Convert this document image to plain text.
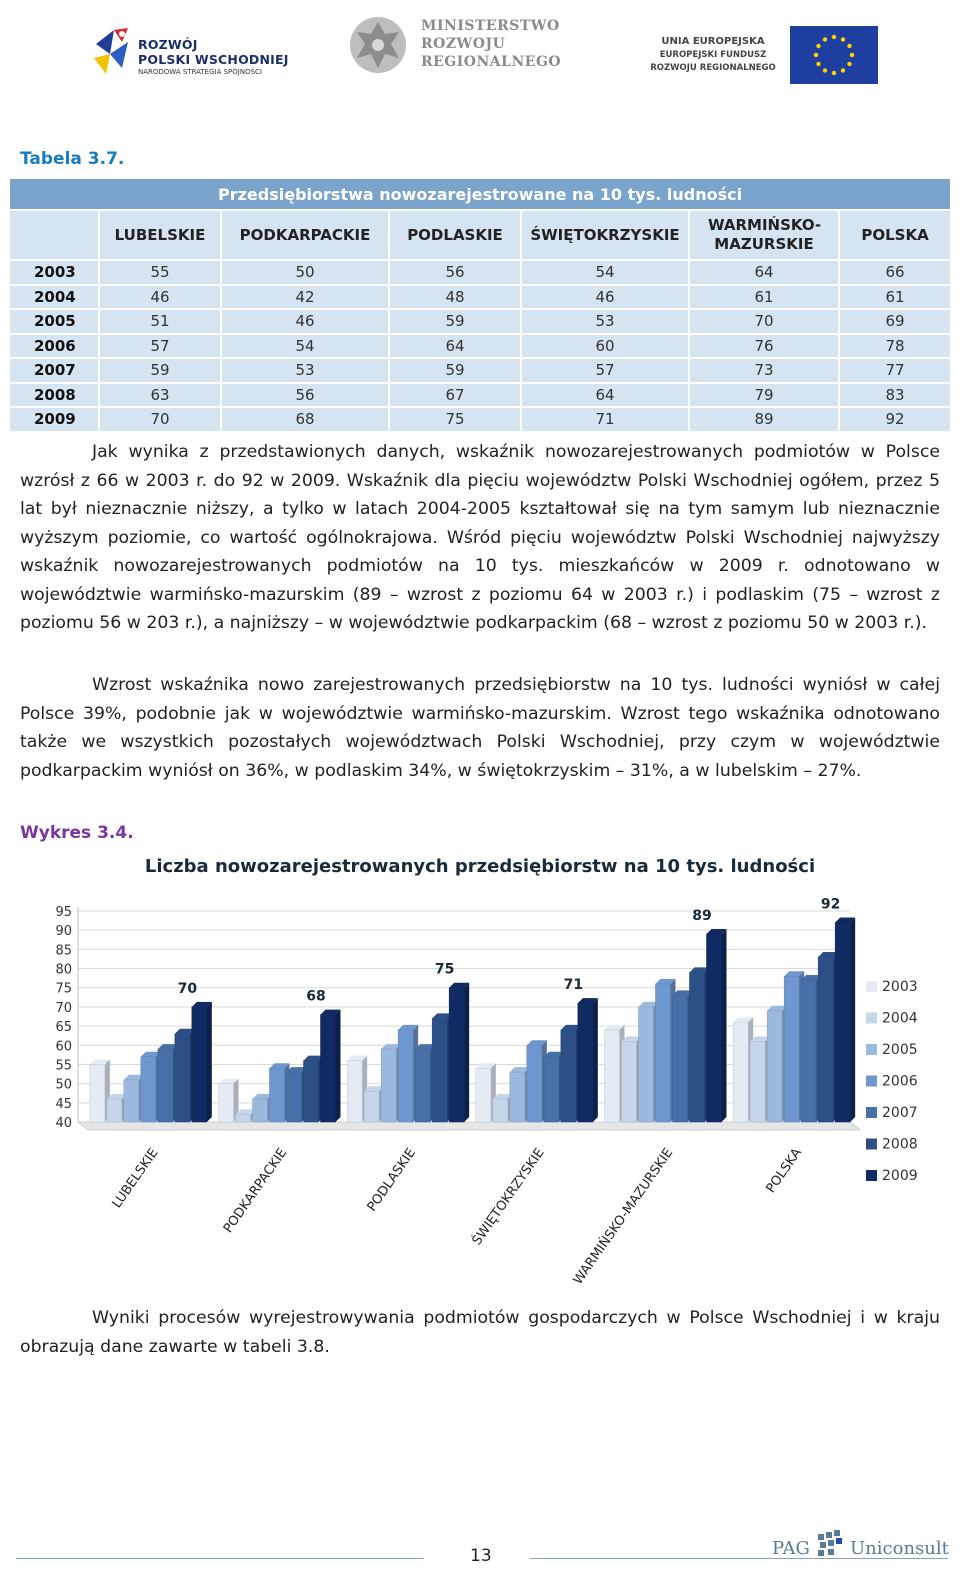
ROZWÓJ
POLSKI WSCHODNIEJ
NARODOWA STRATEGIA SPÓJNOŚCI
MINISTERSTWO
ROZWOJU
REGIONALNEGO
UNIA EUROPEJSKA
EUROPEJSKI FUNDUSZ
ROZWOJU REGIONALNEGO
Tabela 3.7.
Przedsiębiorstwa nowozarejestrowane na 10 tys. ludności						
	LUBELSKIE	PODKARPACKIE	PODLASKIE	ŚWIĘTOKRZYSKIE	WARMIŃSKO-MAZURSKIE	POLSKA
2003	55	50	56	54	64	66
2004	46	42	48	46	61	61
2005	51	46	59	53	70	69
2006	57	54	64	60	76	78
2007	59	53	59	57	73	77
2008	63	56	67	64	79	83
2009	70	68	75	71	89	92

Jak wynika z przedstawionych danych, wskaźnik nowozarejestrowanych podmiotów w Polsce wzrósł z 66 w 2003 r. do 92 w 2009. Wskaźnik dla pięciu województw Polski Wschodniej ogółem, przez 5 lat był nieznacznie niższy, a tylko w latach 2004-2005 kształtował się na tym samym lub nieznacznie wyższym poziomie, co wartość ogólnokrajowa. Wśród pięciu województw Polski Wschodniej najwyższy wskaźnik nowozarejestrowanych podmiotów na 10 tys. mieszkańców w 2009 r. odnotowano w województwie warmińsko-mazurskim (89 – wzrost z poziomu 64 w 2003 r.) i podlaskim (75 – wzrost z poziomu 56 w 203 r.), a najniższy – w województwie podkarpackim (68 – wzrost z poziomu 50 w 2003 r.).

Wzrost wskaźnika nowo zarejestrowanych przedsiębiorstw na 10 tys. ludności wyniósł w całej Polsce 39%, podobnie jak w województwie warmińsko-mazurskim. Wzrost tego wskaźnika odnotowano także we wszystkich pozostałych województwach Polski Wschodniej, przy czym w województwie podkarpackim wyniósł on 36%, w podlaskim 34%, w świętokrzyskim – 31%, a w lubelskim – 27%.

Wykres 3.4.
Liczba nowozarejestrowanych przedsiębiorstw na 10 tys. ludności
40
45
50
55
60
65
70
75
80
85
90
95
70
LUBELSKIE
68
PODKARPACKIE
75
PODLASKIE
71
ŚWIĘTOKRZYSKIE
89
WARMIŃSKO-MAZURSKIE
92
POLSKA
2003
2004
2005
2006
2007
2008
2009

Wyniki procesów wyrejestrowywania podmiotów gospodarczych w Polsce Wschodniej i w kraju obrazują dane zawarte w tabeli 3.8.

13	PAG Uniconsult
